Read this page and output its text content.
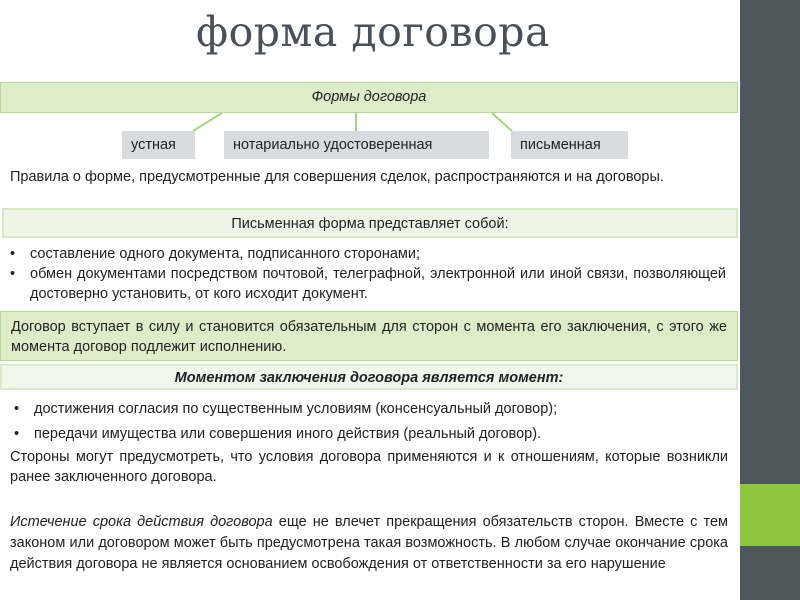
форма договора
Формы договора
устная	нотариально удостоверенная	письменная

Правила о форме, предусмотренные для совершения сделок, распространяются и на договоры.

Письменная форма представляет собой:
• составление одного документа, подписанного сторонами;
• обмен документами посредством почтовой, телеграфной, электронной или иной связи, позволяющей достоверно установить, от кого исходит документ.
Договор вступает в силу и становится обязательным для сторон с момента его заключения, с этого же момента договор подлежит исполнению.
Моментом заключения договора является момент:
• достижения согласия по существенным условиям (консенсуальный договор);
• передачи имущества или совершения иного действия (реальный договор).

Стороны могут предусмотреть, что условия договора применяются и к отношениям, которые возникли ранее заключенного договора.

Истечение срока действия договора еще не влечет прекращения обязательств сторон. Вместе с тем законом или договором может быть предусмотрена такая возможность. В любом случае окончание срока действия договора не является основанием освобождения от ответственности за его нарушение
